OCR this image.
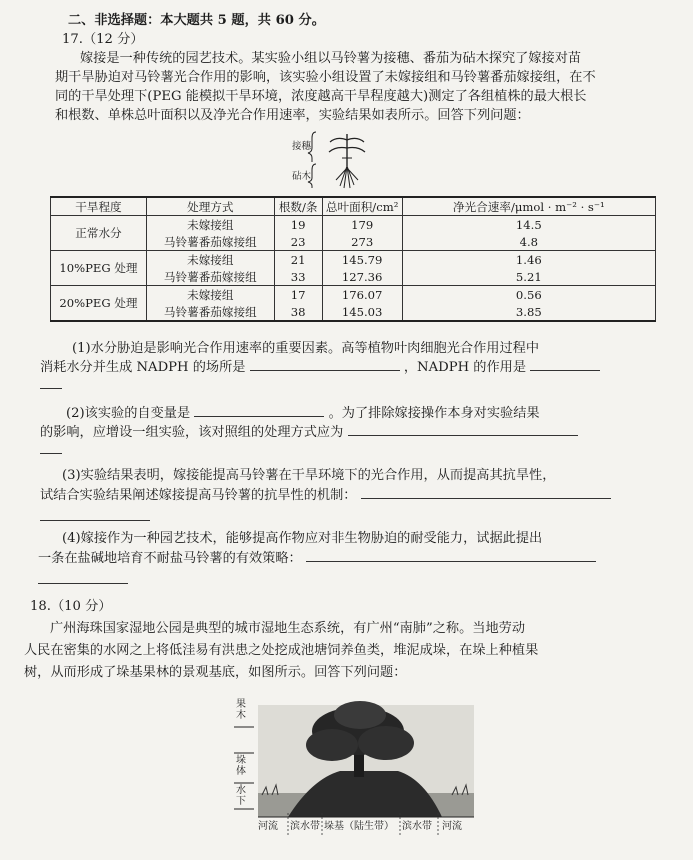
二、非选择题：本大题共 5 题，共 60 分。
17.（12 分）
嫁接是一种传统的园艺技术。某实验小组以马铃薯为接穗、番茄为砧木探究了嫁接对苗
期干旱胁迫对马铃薯光合作用的影响，该实验小组设置了未嫁接组和马铃薯番茄嫁接组，在不
同的干旱处理下(PEG 能模拟干旱环境，浓度越高干旱程度越大)测定了各组植株的最大根长
和根数、单株总叶面积以及净光合作用速率，实验结果如表所示。回答下列问题：
接穗
砧木
干旱程度	处理方式	根数/条	总叶面积/cm²	净光合速率/μmol · m⁻² · s⁻¹
正常水分	未嫁接组	19	179	14.5
	马铃薯番茄嫁接组	23	273	4.8
10%PEG 处理	未嫁接组	21	145.79	1.46
	马铃薯番茄嫁接组	33	127.36	5.21
20%PEG 处理	未嫁接组	17	176.07	0.56
	马铃薯番茄嫁接组	38	145.03	3.85
(1)水分胁迫是影响光合作用速率的重要因素。高等植物叶肉细胞光合作用过程中
消耗水分并生成 NADPH 的场所是	，NADPH 的作用是
(2)该实验的自变量是	。为了排除嫁接操作本身对实验结果
的影响，应增设一组实验，该对照组的处理方式应为
(3)实验结果表明，嫁接能提高马铃薯在干旱环境下的光合作用，从而提高其抗旱性，
试结合实验结果阐述嫁接提高马铃薯的抗旱性的机制：
(4)嫁接作为一种园艺技术，能够提高作物应对非生物胁迫的耐受能力，试据此提出
一条在盐碱地培育不耐盐马铃薯的有效策略：
18.（10 分）
广州海珠国家湿地公园是典型的城市湿地生态系统，有广州“南肺”之称。当地劳动
人民在密集的水网之上将低洼易有洪患之处挖成池塘饲养鱼类，堆泥成垛，在垛上种植果
树，从而形成了垛基果林的景观基底，如图所示。回答下列问题：
果木
垛体
水下
河流 滨水带 垛基（陆生带） 滨水带 河流
